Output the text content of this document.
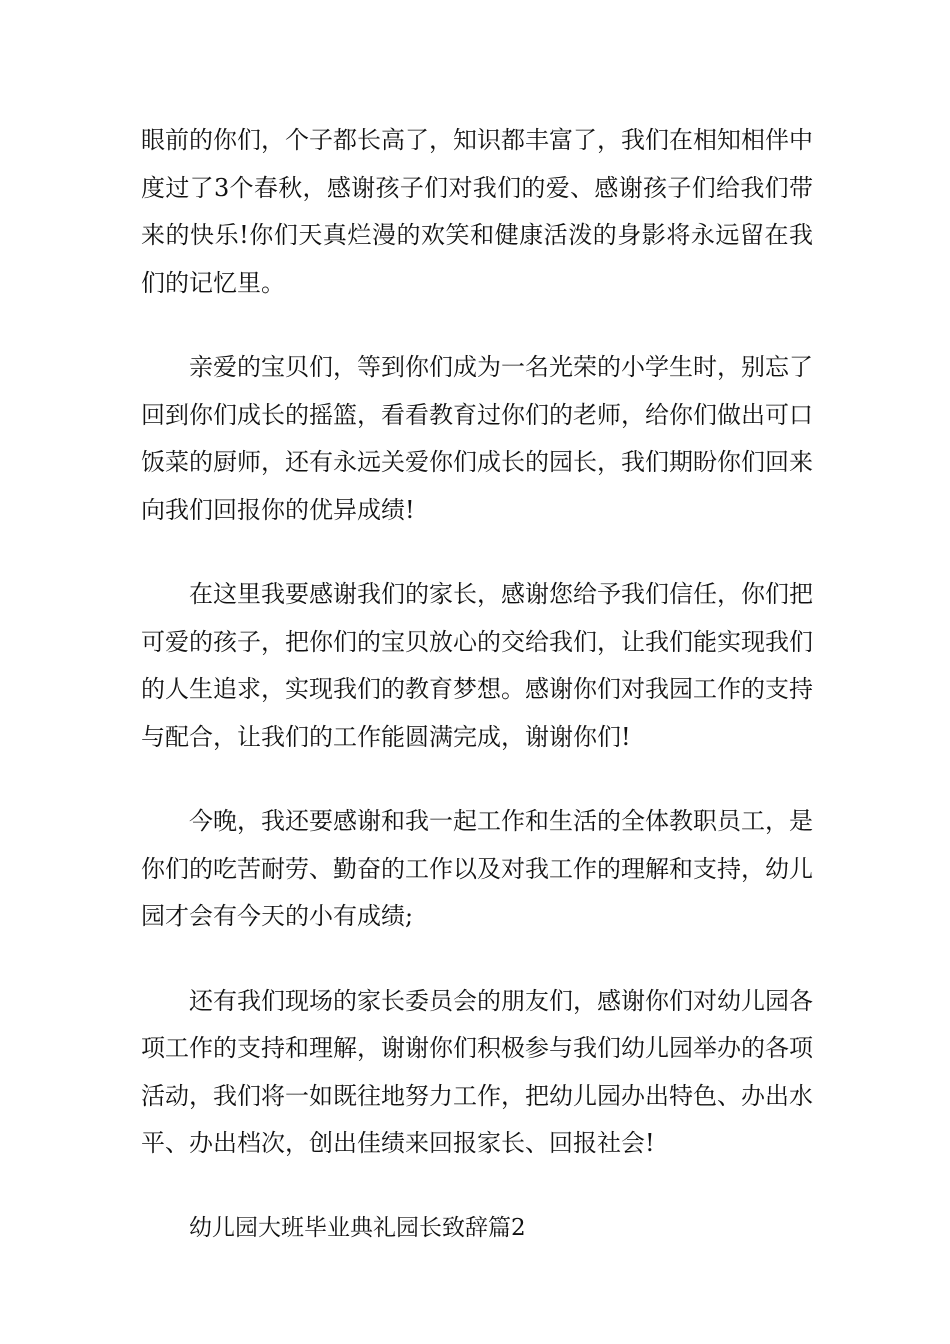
眼前的你们，个子都长高了，知识都丰富了，我们在相知相伴中度过了3个春秋，感谢孩子们对我们的爱、感谢孩子们给我们带来的快乐!你们天真烂漫的欢笑和健康活泼的身影将永远留在我们的记忆里。

亲爱的宝贝们，等到你们成为一名光荣的小学生时，别忘了回到你们成长的摇篮，看看教育过你们的老师，给你们做出可口饭菜的厨师，还有永远关爱你们成长的园长，我们期盼你们回来向我们回报你的优异成绩!

在这里我要感谢我们的家长，感谢您给予我们信任，你们把可爱的孩子，把你们的宝贝放心的交给我们，让我们能实现我们的人生追求，实现我们的教育梦想。感谢你们对我园工作的支持与配合，让我们的工作能圆满完成，谢谢你们!

今晚，我还要感谢和我一起工作和生活的全体教职员工，是你们的吃苦耐劳、勤奋的工作以及对我工作的理解和支持，幼儿园才会有今天的小有成绩;

还有我们现场的家长委员会的朋友们，感谢你们对幼儿园各项工作的支持和理解，谢谢你们积极参与我们幼儿园举办的各项活动，我们将一如既往地努力工作，把幼儿园办出特色、办出水平、办出档次，创出佳绩来回报家长、回报社会!

幼儿园大班毕业典礼园长致辞篇2
